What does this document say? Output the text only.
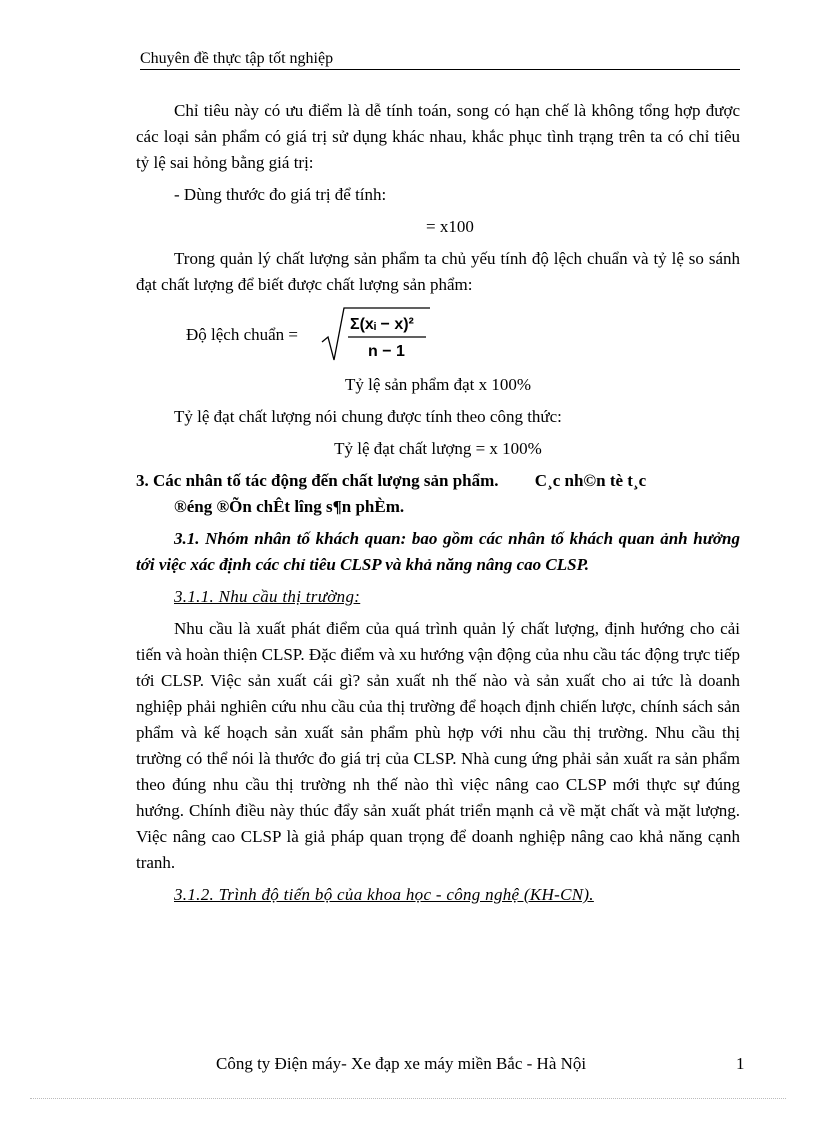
Chuyên đề thực tập tốt nghiệp

Chỉ tiêu này có ưu điểm là dễ tính toán, song có hạn chế là không tổng hợp được các loại sản phẩm có giá trị sử dụng khác nhau, khắc phục tình trạng trên ta có chỉ tiêu tỷ lệ sai hỏng bằng giá trị:

- Dùng thước đo giá trị để tính:

= x100

Trong quản lý chất lượng sản phẩm ta chủ yếu tính độ lệch chuẩn và tỷ lệ so sánh đạt chất lượng để biết được chất lượng sản phẩm:

Độ lệch chuẩn =
Σ(xᵢ − x)²
n − 1

Tỷ lệ sản phẩm đạt x 100%

Tỷ lệ đạt chất lượng nói chung được tính theo công thức:

Tỷ lệ đạt chất lượng = x 100%

3. Các nhân tố tác động đến chất lượng sản phẩm. C¸c nh©n tè t¸c
®éng ®Õn chÊt lîng s¶n phÈm.

3.1. Nhóm nhân tố khách quan: bao gồm các nhân tố khách quan ảnh hưởng tới việc xác định các chỉ tiêu CLSP và khả năng nâng cao CLSP.

3.1.1. Nhu cầu thị trường:

Nhu cầu là xuất phát điểm của quá trình quản lý chất lượng, định hướng cho cải tiến và hoàn thiện CLSP. Đặc điểm và xu hướng vận động của nhu cầu tác động trực tiếp tới CLSP. Việc sản xuất cái gì? sản xuất nh thế nào và sản xuất cho ai tức là doanh nghiệp phải nghiên cứu nhu cầu của thị trường để hoạch định chiến lược, chính sách sản phẩm và kế hoạch sản xuất sản phẩm phù hợp với nhu cầu thị trường. Nhu cầu thị trường có thể nói là thước đo giá trị của CLSP. Nhà cung ứng phải sản xuất ra sản phẩm theo đúng nhu cầu thị trường nh thế nào thì việc nâng cao CLSP mới thực sự đúng hướng. Chính điều này thúc đẩy sản xuất phát triển mạnh cả về mặt chất và mặt lượng. Việc nâng cao CLSP là giả pháp quan trọng để doanh nghiệp nâng cao khả năng cạnh tranh.

3.1.2. Trình độ tiến bộ của khoa học - công nghệ (KH-CN).

Công ty Điện máy- Xe đạp xe máy miền Bắc - Hà Nội	1
